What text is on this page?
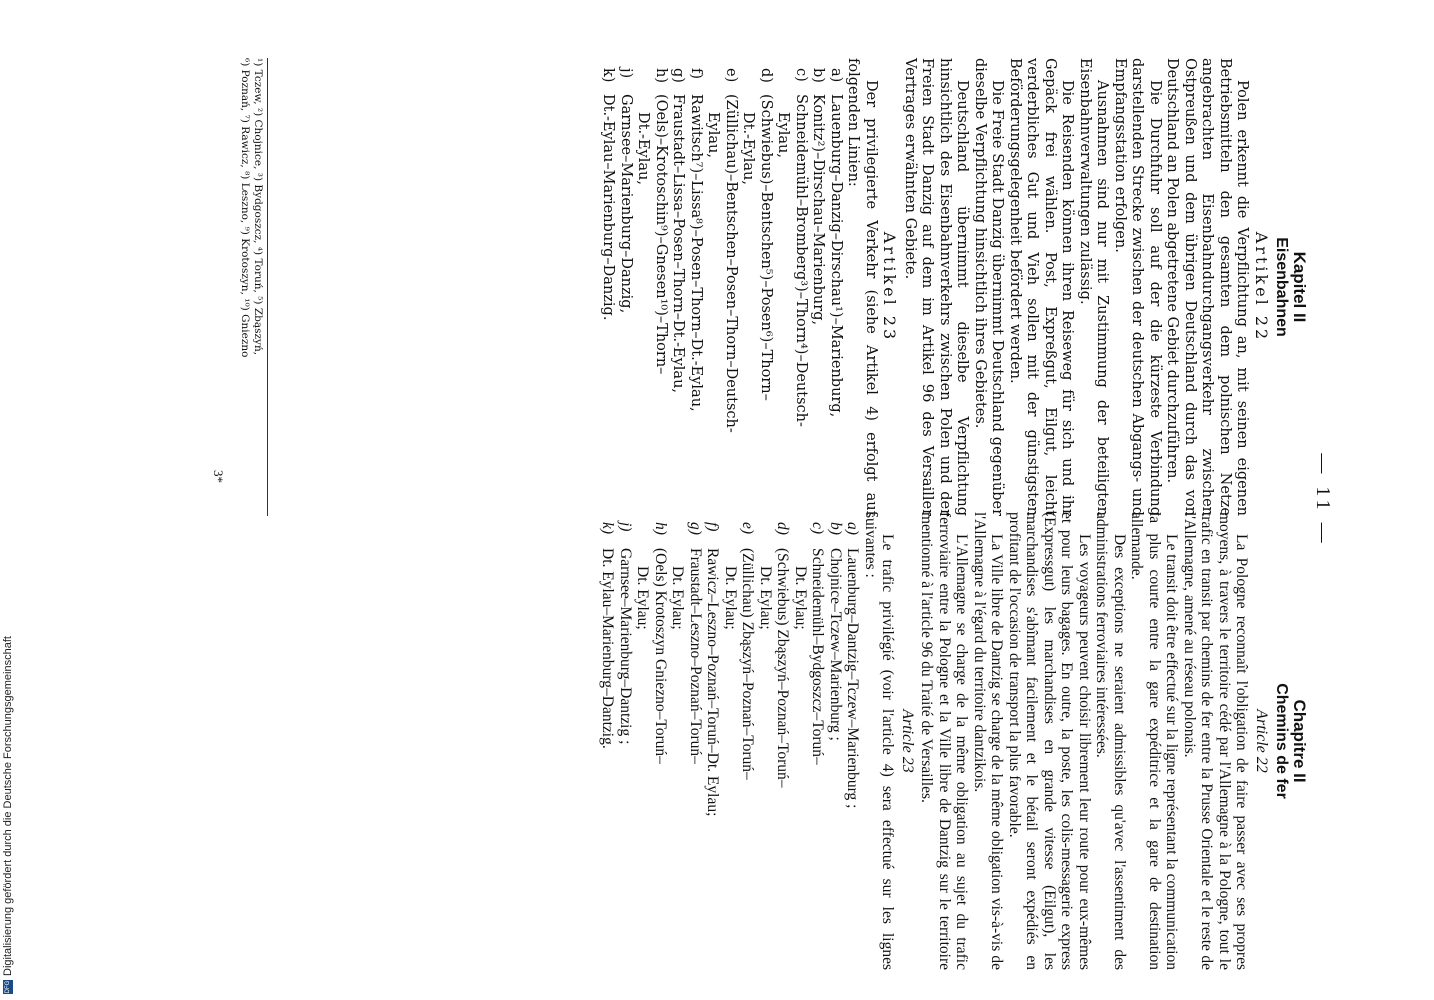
— 11 —
Kapitel II
Eisenbahnen
Artikel 22

Polen erkennt die Verpflichtung an, mit seinen eigenen Betriebsmitteln den gesamten dem polnischen Netze angebrachten Eisenbahndurchgangsverkehr zwischen Ostpreußen und dem übrigen Deutschland durch das von Deutschland an Polen abgetretene Gebiet durchzuführen.

Die Durchfuhr soll auf der die kürzeste Verbindung darstellenden Strecke zwischen der deutschen Abgangs- und Empfangsstation erfolgen.

Ausnahmen sind nur mit Zustimmung der beteiligten Eisenbahnverwaltungen zulässig.

Die Reisenden können ihren Reiseweg für sich und ihr Gepäck frei wählen. Post, Expreßgut, Eilgut, leicht verderbliches Gut und Vieh sollen mit der günstigsten Beförderungsgelegenheit befördert werden.

Die Freie Stadt Danzig übernimmt Deutschland gegenüber dieselbe Verpflichtung hinsichtlich ihres Gebietes.

Deutschland übernimmt dieselbe Verpflichtung hinsichtlich des Eisenbahnverkehrs zwischen Polen und der Freien Stadt Danzig auf dem im Artikel 96 des Versailler Vertrages erwähnten Gebiete.

Artikel 23

Der privilegierte Verkehr (siehe Artikel 4) erfolgt auf folgenden Linien:

a)
Lauenburg–Danzig–Dirschau¹)–Marienburg,
b)
Konitz²)–Dirschau–Marienburg,
c)
Schneidemühl–Bromberg³)–Thorn⁴)–Deutsch-
Eylau,
d)
(Schwiebus)–Bentschen⁵)–Posen⁶)–Thorn–
Dt.-Eylau,
e)
(Züllichau)–Bentschen–Posen–Thorn–Deutsch-
Eylau,
f)
Rawitsch⁷)–Lissa⁸)–Posen–Thorn–Dt.-Eylau,
g)
Fraustadt–Lissa–Posen–Thorn–Dt.-Eylau,
h)
(Oels)–Krotoschin⁹)–Gnesen¹⁰)–Thorn–
Dt.-Eylau,
j)
Garnsee–Marienburg–Danzig,
k)
Dt.-Eylau–Marienburg–Danzig.
Chapitre II
Chemins de fer
Article 22

La Pologne reconnaît l'obligation de faire passer avec ses propres moyens, à travers le territoire cédé par l'Allemagne à la Pologne, tout le trafic en transit par chemins de fer entre la Prusse Orientale et le reste de l'Allemagne, amené au réseau polonais.

Le transit doit être effectué sur la ligne représentant la communication la plus courte entre la gare expéditrice et la gare de destination allemande.

Des exceptions ne seraient admissibles qu'avec l'assentiment des administrations ferroviaires intéressées.

Les voyageurs peuvent choisir librement leur route pour eux-mêmes et pour leurs bagages. En outre, la poste, les colis-messagerie express (Expressgut) les marchandises en grande vitesse (Eilgut), les marchandises s'abîmant facilement et le bétail seront expédiés en profitant de l'occasion de transport la plus favorable.

La Ville libre de Dantzig se charge de la même obligation vis-à-vis de l'Allemagne à l'égard du territoire dantzikois.

L'Allemagne se charge de la même obligation au sujet du trafic ferroviaire entre la Pologne et la Ville libre de Dantzig sur le territoire mentionné à l'article 96 du Traité de Versailles.

Article 23

Le trafic privilégié (voir l'article 4) sera effectué sur les lignes suivantes :

a)
Lauenburg–Dantzig–Tczew–Marienburg ;
b)
Chojnice–Tczew–Marienburg ;
c)
Schneidemühl–Bydgoszcz–Toruń–
Dt. Eylau;
d)
(Schwiebus) Zbąszyń–Poznań–Toruń–
Dt. Eylau;
e)
(Züllichau) Zbąszyń–Poznań–Toruń–
Dt. Eylau;
f)
Rawicz–Leszno–Poznań–Toruń–Dt. Eylau;
g)
Fraustadt–Leszno–Poznań–Toruń–
Dt. Eylau;
h)
(Oels) Krotoszyn Gniezno–Toruń–
Dt. Eylau;
j)
Garnsee–Marienburg–Dantzig ;
k)
Dt. Eylau–Marienburg–Dantzig.
¹) Tczew, ²) Chojnice, ³) Bydgoszcz, ⁴) Toruń, ⁵) Zbąszyń,
⁶) Poznań, ⁷) Rawicz, ⁸) Leszno, ⁹) Krotoszyn, ¹⁰) Gniezno
3*
DFGDigitalisierung gefördert durch die Deutsche Forschungsgemeinschaft
